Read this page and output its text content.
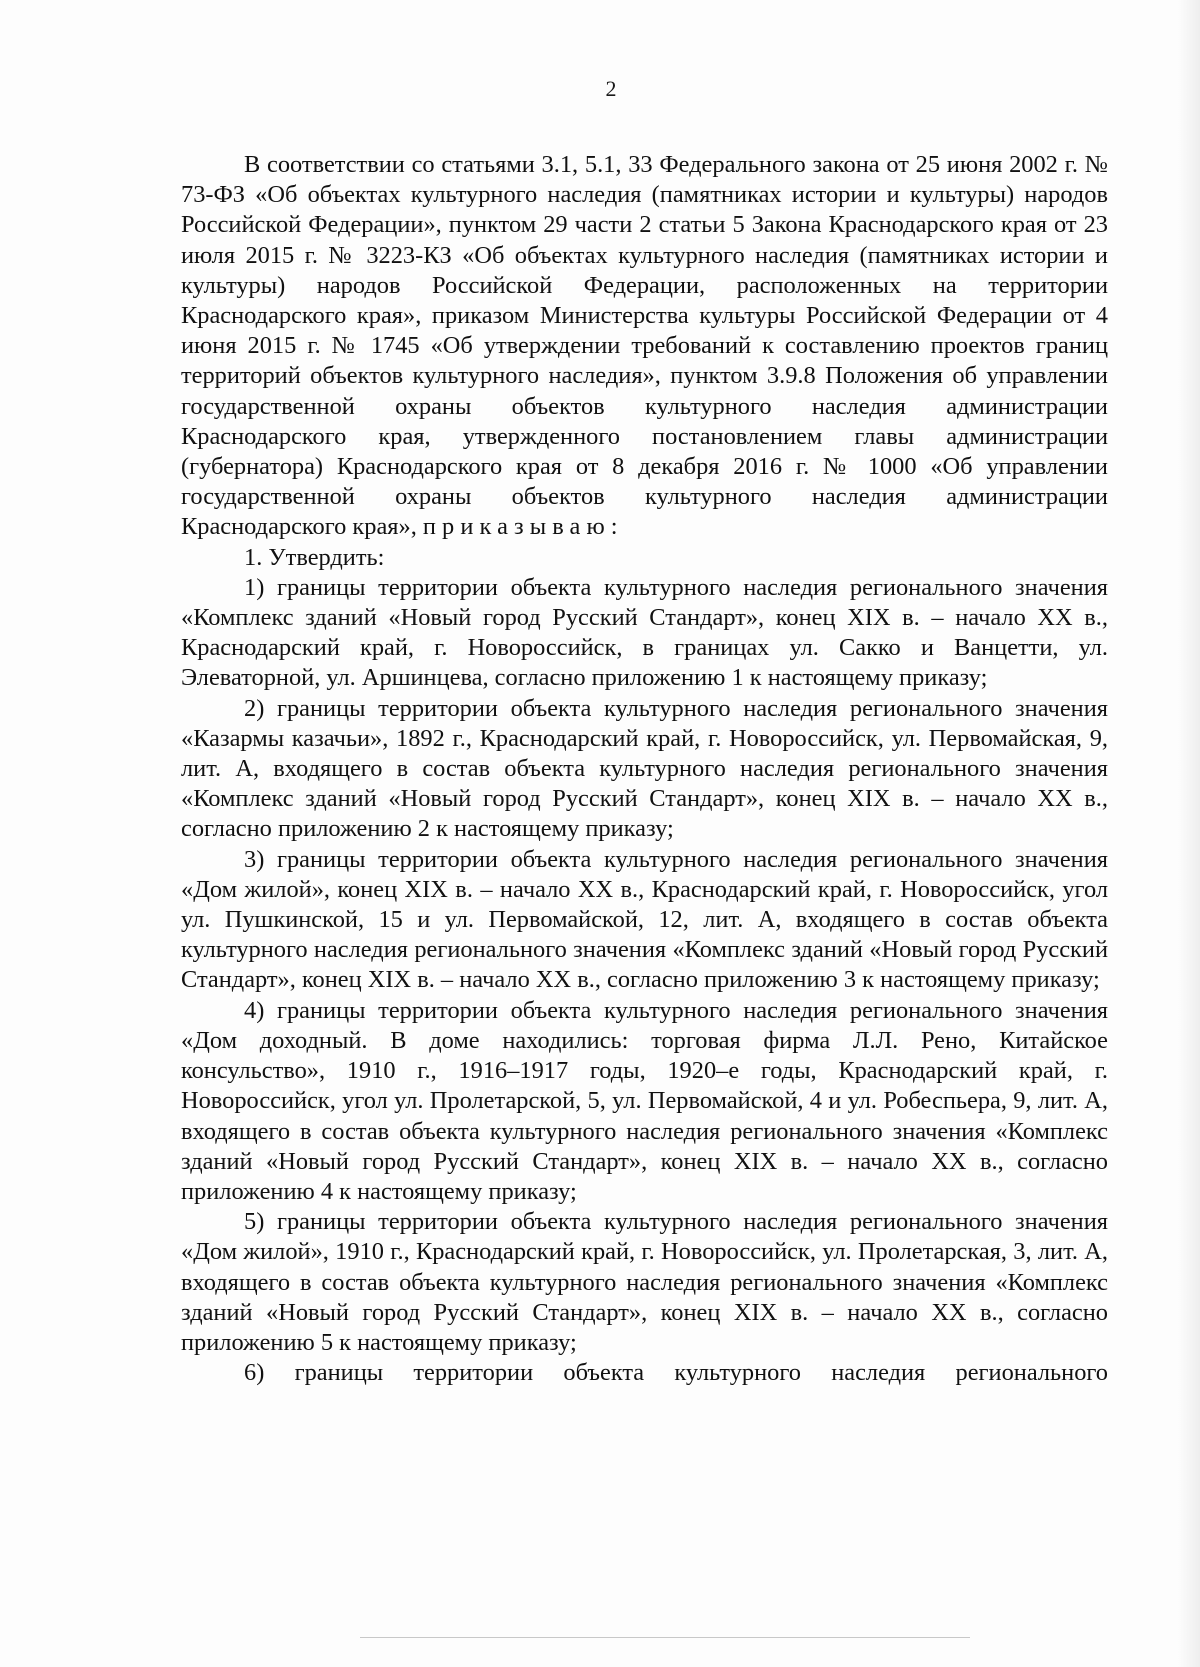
2

В соответствии со статьями 3.1, 5.1, 33 Федерального закона от 25 июня 2002 г. № 73-ФЗ «Об объектах культурного наследия (памятниках истории и культуры) народов Российской Федерации», пунктом 29 части 2 статьи 5 Закона Краснодарского края от 23 июля 2015 г. № 3223-КЗ «Об объектах культурного наследия (памятниках истории и культуры) народов Российской Федерации, расположенных на территории Краснодарского края», приказом Министерства культуры Российской Федерации от 4 июня 2015 г. № 1745 «Об утверждении требований к составлению проектов границ территорий объектов культурного наследия», пунктом 3.9.8 Положения об управлении государственной охраны объектов культурного наследия администрации Краснодарского края, утвержденного постановлением главы администрации (губернатора) Краснодарского края от 8 декабря 2016 г. № 1000 «Об управлении государственной охраны объектов культурного наследия администрации Краснодарского края», приказываю:

1. Утвердить:

1) границы территории объекта культурного наследия регионального значения «Комплекс зданий «Новый город Русский Стандарт», конец XIX в. – начало XX в., Краснодарский край, г. Новороссийск, в границах ул. Сакко и Ванцетти, ул. Элеваторной, ул. Аршинцева, согласно приложению 1 к настоящему приказу;

2) границы территории объекта культурного наследия регионального значения «Казармы казачьи», 1892 г., Краснодарский край, г. Новороссийск, ул. Первомайская, 9, лит. А, входящего в состав объекта культурного наследия регионального значения «Комплекс зданий «Новый город Русский Стандарт», конец XIX в. – начало XX в., согласно приложению 2 к настоящему приказу;

3) границы территории объекта культурного наследия регионального значения «Дом жилой», конец XIX в. – начало XX в., Краснодарский край, г. Новороссийск, угол ул. Пушкинской, 15 и ул. Первомайской, 12, лит. А, входящего в состав объекта культурного наследия регионального значения «Комплекс зданий «Новый город Русский Стандарт», конец XIX в. – начало XX в., согласно приложению 3 к настоящему приказу;

4) границы территории объекта культурного наследия регионального значения «Дом доходный. В доме находились: торговая фирма Л.Л. Рено, Китайское консульство», 1910 г., 1916–1917 годы, 1920–е годы, Краснодарский край, г. Новороссийск, угол ул. Пролетарской, 5, ул. Первомайской, 4 и ул. Робеспьера, 9, лит. А, входящего в состав объекта культурного наследия регионального значения «Комплекс зданий «Новый город Русский Стандарт», конец XIX в. – начало XX в., согласно приложению 4 к настоящему приказу;

5) границы территории объекта культурного наследия регионального значения «Дом жилой», 1910 г., Краснодарский край, г. Новороссийск, ул. Пролетарская, 3, лит. А, входящего в состав объекта культурного наследия регионального значения «Комплекс зданий «Новый город Русский Стандарт», конец XIX в. – начало XX в., согласно приложению 5 к настоящему приказу;

6) границы территории объекта культурного наследия регионального
